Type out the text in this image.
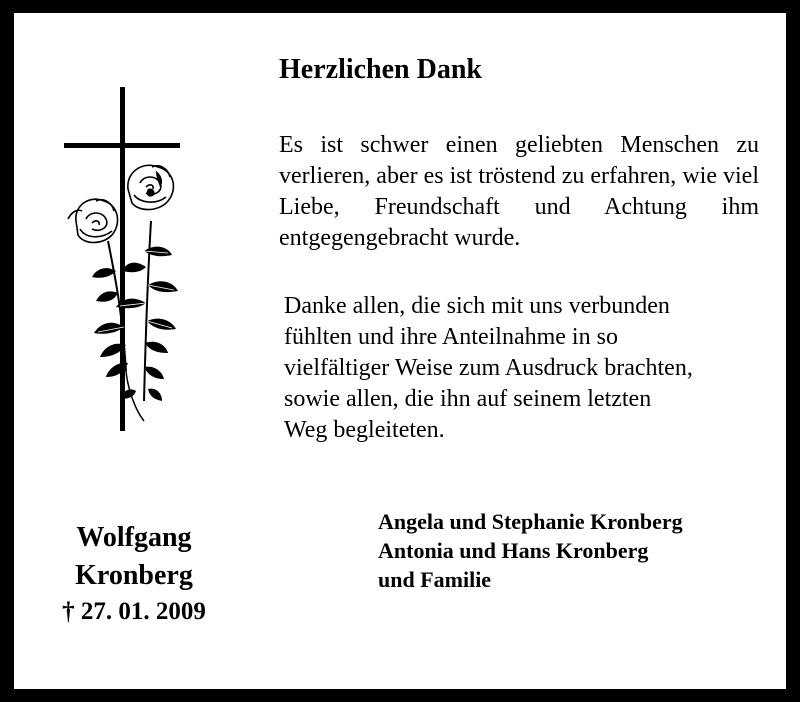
Herzlichen Dank
Es ist schwer einen geliebten Menschen zu verlieren, aber es ist tröstend zu erfahren, wie viel Liebe, Freundschaft und Achtung ihm entgegengebracht wurde.
Danke allen, die sich mit uns verbunden
fühlten und ihre Anteilnahme in so
vielfältiger Weise zum Ausdruck brachten,
sowie allen, die ihn auf seinem letzten
Weg begleiteten.
Wolfgang
Kronberg
† 27. 01. 2009
Angela und Stephanie Kronberg
Antonia und Hans Kronberg
und Familie
